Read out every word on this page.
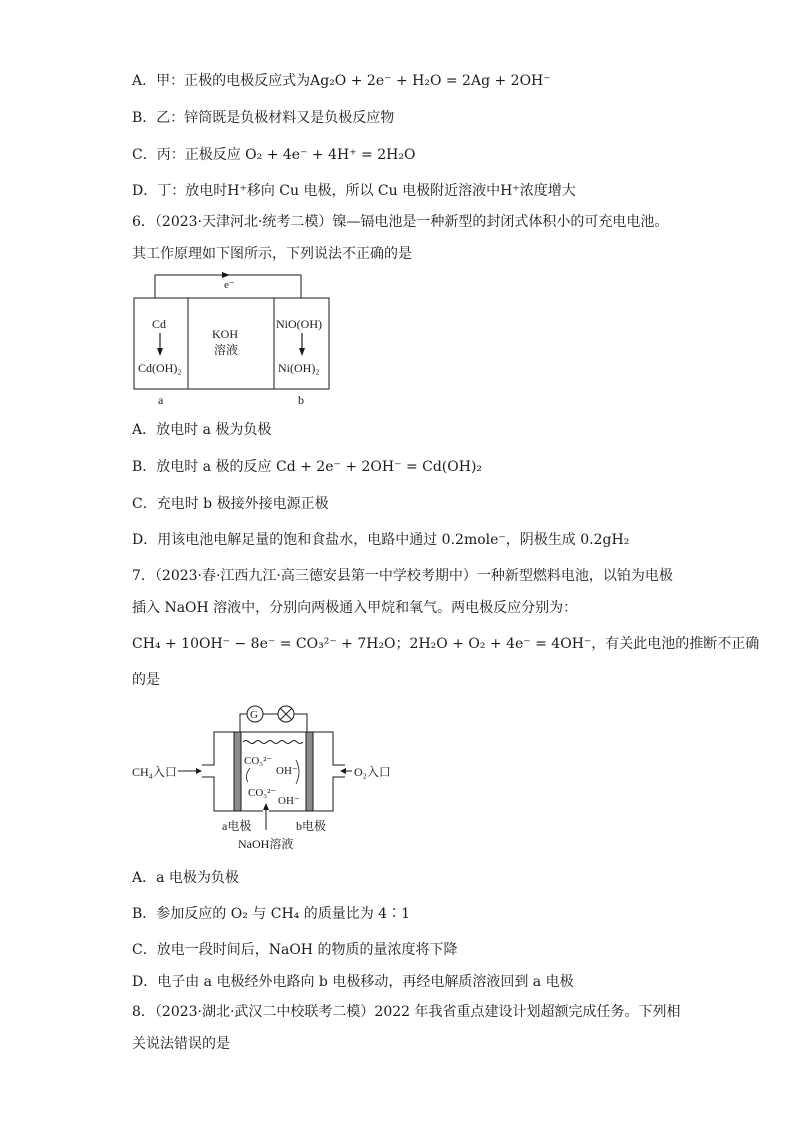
A．甲：正极的电极反应式为Ag₂O + 2e⁻ + H₂O = 2Ag + 2OH⁻
B．乙：锌筒既是负极材料又是负极反应物
C．丙：正极反应 O₂ + 4e⁻ + 4H⁺ = 2H₂O
D．丁：放电时H⁺移向 Cu 电极，所以 Cu 电极附近溶液中H⁺浓度增大
6．（2023·天津河北·统考二模）镍—镉电池是一种新型的封闭式体积小的可充电电池。
其工作原理如下图所示，下列说法不正确的是
e⁻
Cd
Cd(OH)₂
KOH
溶液
NiO(OH)
Ni(OH)₂
a	b
A．放电时 a 极为负极
B．放电时 a 极的反应 Cd + 2e⁻ + 2OH⁻ = Cd(OH)₂
C．充电时 b 极接外接电源正极
D．用该电池电解足量的饱和食盐水，电路中通过 0.2mole⁻，阴极生成 0.2gH₂
7．（2023·春·江西九江·高三德安县第一中学校考期中）一种新型燃料电池，以铂为电极
插入 NaOH 溶液中，分别向两极通入甲烷和氧气。两电极反应分别为：
CH₄ + 10OH⁻ − 8e⁻ = CO₃²⁻ + 7H₂O；2H₂O + O₂ + 4e⁻ = 4OH⁻，有关此电池的推断不正确
的是
G
CO₃²⁻
OH⁻
CO₃²⁻
OH⁻
CH₄入口	O₂入口
a电极	b电极
NaOH溶液
A．a 电极为负极
B．参加反应的 O₂ 与 CH₄ 的质量比为 4∶1
C．放电一段时间后，NaOH 的物质的量浓度将下降
D．电子由 a 电极经外电路向 b 电极移动，再经电解质溶液回到 a 电极
8．（2023·湖北·武汉二中校联考二模）2022 年我省重点建设计划超额完成任务。下列相
关说法错误的是
